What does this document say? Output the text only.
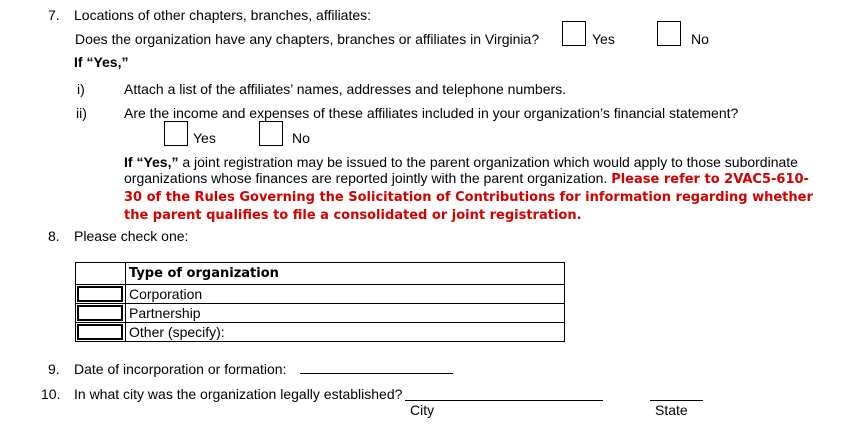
7. Locations of other chapters, branches, affiliates:
Does the organization have any chapters, branches or affiliates in Virginia?	Yes	No
If “Yes,”
i)	Attach a list of the affiliates’ names, addresses and telephone numbers.
ii)	Are the income and expenses of these affiliates included in your organization’s financial statement?
Yes	No
If “Yes,” a joint registration may be issued to the parent organization which would apply to those subordinate organizations whose finances are reported jointly with the parent organization. Please refer to 2VAC5-610-30 of the Rules Governing the Solicitation of Contributions for information regarding whether the parent qualifies to file a consolidated or joint registration.
8. Please check one:
	Type of organization

	Corporation

	Partnership

	Other (specify):
9. Date of incorporation or formation:
10. In what city was the organization legally established?
City	State
